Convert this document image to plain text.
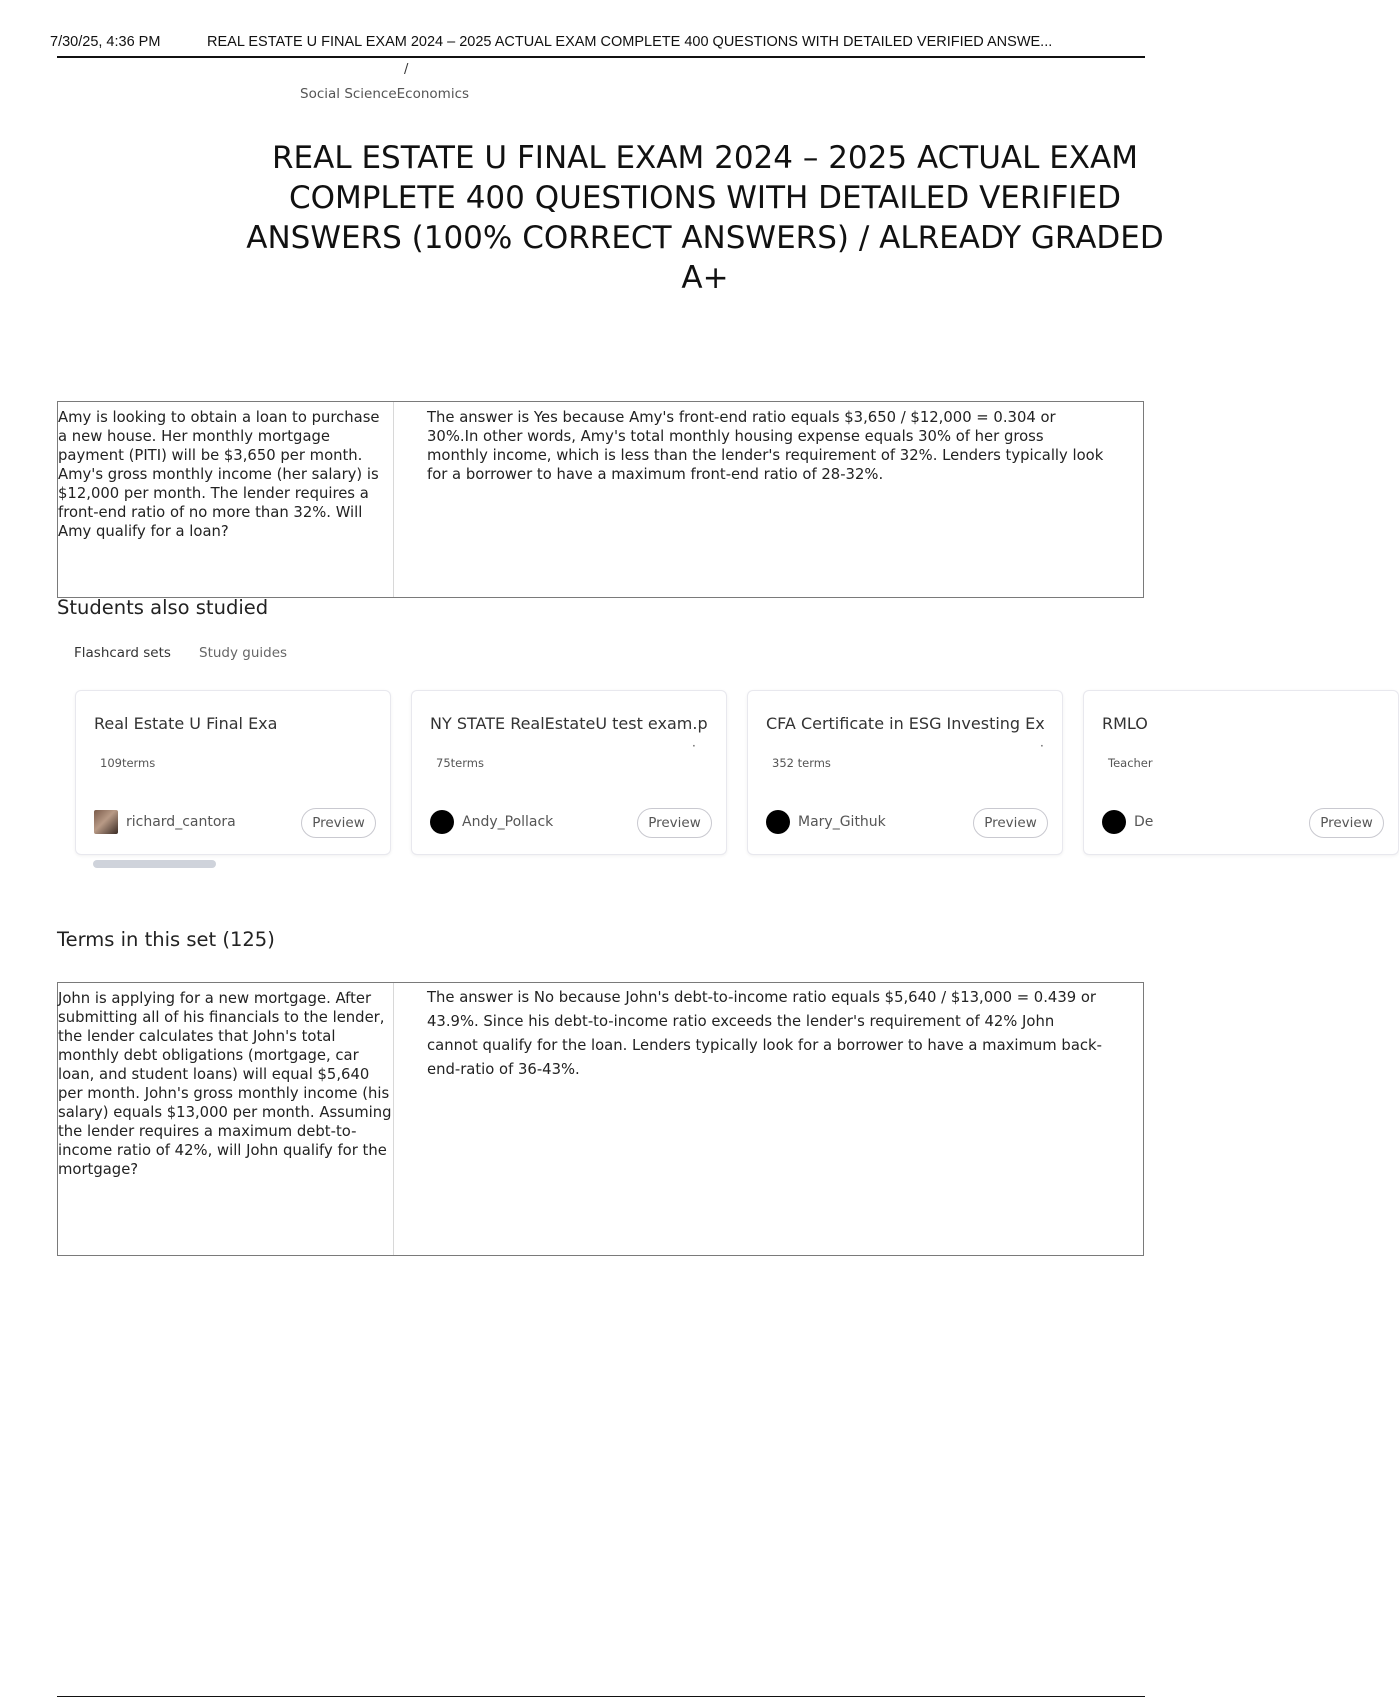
7/30/25, 4:36 PM	REAL ESTATE U FINAL EXAM 2024 – 2025 ACTUAL EXAM COMPLETE 400 QUESTIONS WITH DETAILED VERIFIED ANSWE...
/
Social ScienceEconomics
REAL ESTATE U FINAL EXAM 2024 – 2025 ACTUAL EXAM COMPLETE 400 QUESTIONS WITH DETAILED VERIFIED ANSWERS (100% CORRECT ANSWERS) / ALREADY GRADED A+
Amy is looking to obtain a loan to purchase a new house. Her monthly mortgage payment (PITI) will be $3,650 per month. Amy's gross monthly income (her salary) is $12,000 per month. The lender requires a front-end ratio of no more than 32%. Will Amy qualify for a loan?
The answer is Yes because Amy's front-end ratio equals $3,650 / $12,000 = 0.304 or 30%.In other words, Amy's total monthly housing expense equals 30% of her gross monthly income, which is less than the lender's requirement of 32%. Lenders typically look for a borrower to have a maximum front-end ratio of 28-32%.
Students also studied
Flashcard sets Study guides
Real Estate U Final Exa
109terms
richard_cantora	Preview
NY STATE RealEstateU test exam.p
·
75terms
Andy_Pollack	Preview
CFA Certificate in ESG Investing Ex
·
352 terms
Mary_Githuk	Preview
RMLO
Teacher
De	Preview
Terms in this set (125)
John is applying for a new mortgage. After submitting all of his financials to the lender, the lender calculates that John's total monthly debt obligations (mortgage, car loan, and student loans) will equal $5,640 per month. John's gross monthly income (his salary) equals $13,000 per month. Assuming the lender requires a maximum debt-to-income ratio of 42%, will John qualify for the mortgage?
The answer is No because John's debt-to-income ratio equals $5,640 / $13,000 = 0.439 or 43.9%. Since his debt-to-income ratio exceeds the lender's requirement of 42% John cannot qualify for the loan. Lenders typically look for a borrower to have a maximum back-end-ratio of 36-43%.
